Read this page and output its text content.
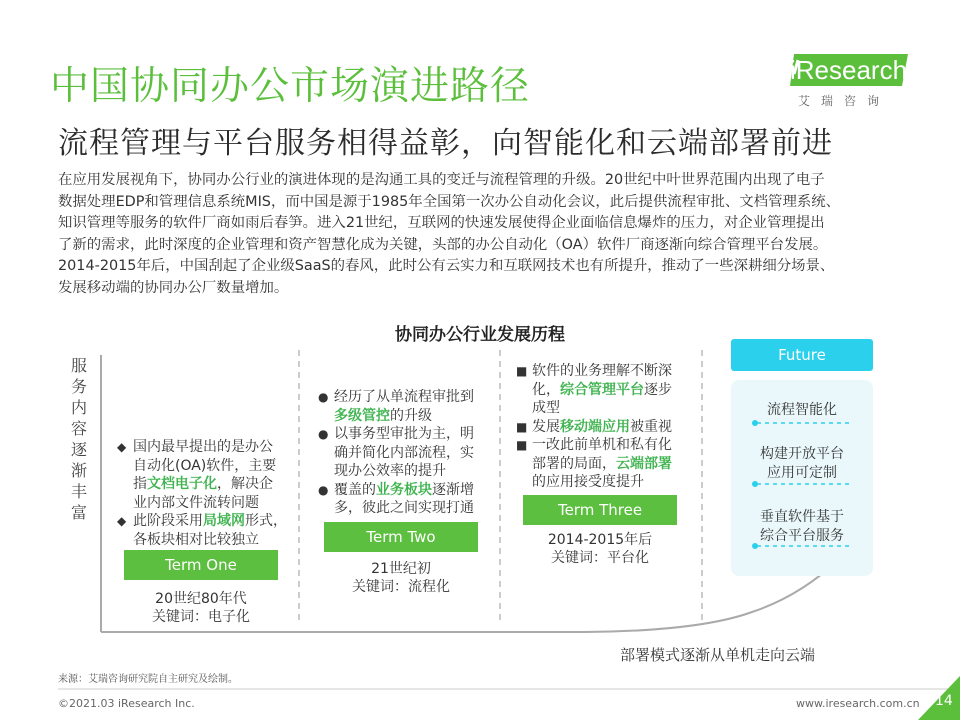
中国协同办公市场演进路径
流程管理与平台服务相得益彰，向智能化和云端部署前进
iResearch
艾瑞咨询

在应用发展视角下，协同办公行业的演进体现的是沟通工具的变迁与流程管理的升级。20世纪中叶世界范围内出现了电子

数据处理EDP和管理信息系统MIS，而中国是源于1985年全国第一次办公自动化会议，此后提供流程审批、文档管理系统、

知识管理等服务的软件厂商如雨后春笋。进入21世纪，互联网的快速发展使得企业面临信息爆炸的压力，对企业管理提出

了新的需求，此时深度的企业管理和资产智慧化成为关键，头部的办公自动化（OA）软件厂商逐渐向综合管理平台发展。

2014-2015年后，中国刮起了企业级SaaS的春风，此时公有云实力和互联网技术也有所提升，推动了一些深耕细分场景、

发展移动端的协同办公厂数量增加。

协同办公行业发展历程
服务内容逐渐丰富
◆ 国内最早提出的是办公
自动化(OA)软件，主要
指文档电子化，解决企
业内部文件流转问题
◆ 此阶段采用局域网形式，
各板块相对比较独立
Term One
20世纪80年代
关键词：电子化
● 经历了从单流程审批到
多级管控的升级
● 以事务型审批为主，明
确并简化内部流程，实
现办公效率的提升
● 覆盖的业务板块逐渐增
多，彼此之间实现打通
Term Two
21世纪初
关键词：流程化
■ 软件的业务理解不断深
化，综合管理平台逐步
成型
■ 发展移动端应用被重视
■ 一改此前单机和私有化
部署的局面，云端部署
的应用接受度提升
Term Three
2014-2015年后
关键词：平台化
Future
流程智能化
构建开放平台
应用可定制
垂直软件基于
综合平台服务
部署模式逐渐从单机走向云端
来源：艾瑞咨询研究院自主研究及绘制。
©2021.03 iResearch Inc.	www.iresearch.com.cn 14
